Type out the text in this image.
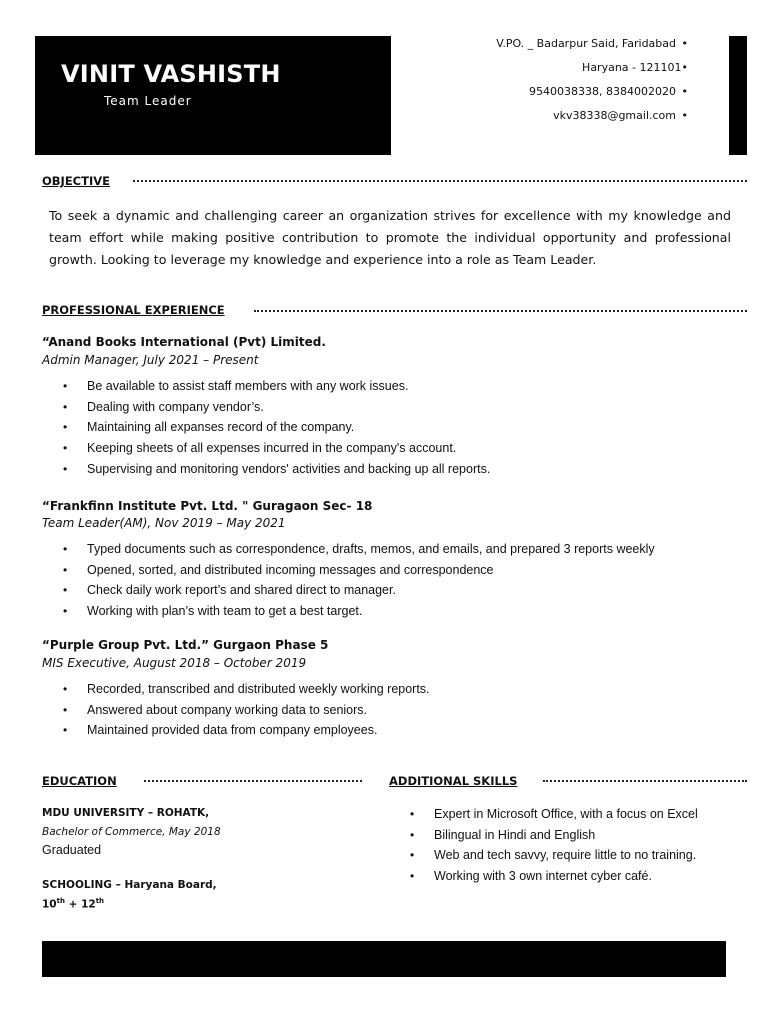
VINIT VASHISTH
Team Leader
V.PO. _ Badarpur Said, Faridabad •
Haryana - 121101•
9540038338, 8384002020 •
vkv38338@gmail.com •
OBJECTIVE
To seek a dynamic and challenging career an organization strives for excellence with my knowledge and team effort while making positive contribution to promote the individual opportunity and professional growth. Looking to leverage my knowledge and experience into a role as Team Leader.
PROFESSIONAL EXPERIENCE
“Anand Books International (Pvt) Limited.
Admin Manager, July 2021 – Present
• Be available to assist staff members with any work issues.
• Dealing with company vendor’s.
• Maintaining all expanses record of the company.
• Keeping sheets of all expenses incurred in the company's account.
• Supervising and monitoring vendors' activities and backing up all reports.
“Frankfinn Institute Pvt. Ltd. " Guragaon Sec- 18
Team Leader(AM), Nov 2019 – May 2021
• Typed documents such as correspondence, drafts, memos, and emails, and prepared 3 reports weekly
• Opened, sorted, and distributed incoming messages and correspondence
• Check daily work report’s and shared direct to manager.
• Working with plan’s with team to get a best target.
“Purple Group Pvt. Ltd.” Gurgaon Phase 5
MIS Executive, August 2018 – October 2019
• Recorded, transcribed and distributed weekly working reports.
• Answered about company working data to seniors.
• Maintained provided data from company employees.
EDUCATION
MDU UNIVERSITY – ROHATK,
Bachelor of Commerce, May 2018
Graduated
SCHOOLING – Haryana Board,
10th + 12th
ADDITIONAL SKILLS
• Expert in Microsoft Office, with a focus on Excel
• Bilingual in Hindi and English
• Web and tech savvy, require little to no training.
• Working with 3 own internet cyber café.
